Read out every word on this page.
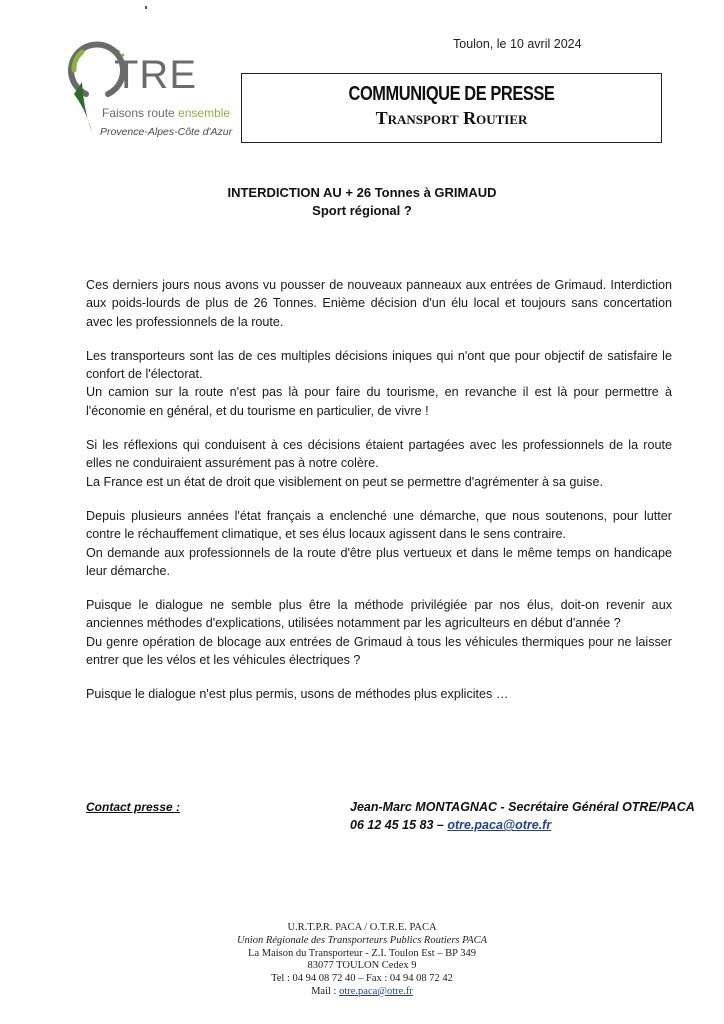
TRE
Faisons route ensemble
Provence-Alpes-Côte d'Azur
Toulon, le 10 avril 2024
COMMUNIQUE DE PRESSE
Transport Routier
INTERDICTION AU + 26 Tonnes à GRIMAUD
Sport régional ?

Ces derniers jours nous avons vu pousser de nouveaux panneaux aux entrées de Grimaud. Interdiction aux poids-lourds de plus de 26 Tonnes. Enième décision d'un élu local et toujours sans concertation avec les professionnels de la route.

Les transporteurs sont las de ces multiples décisions iniques qui n'ont que pour objectif de satisfaire le confort de l'électorat.
Un camion sur la route n'est pas là pour faire du tourisme, en revanche il est là pour permettre à l'économie en général, et du tourisme en particulier, de vivre !

Si les réflexions qui conduisent à ces décisions étaient partagées avec les professionnels de la route elles ne conduiraient assurément pas à notre colère.
La France est un état de droit que visiblement on peut se permettre d'agrémenter à sa guise.

Depuis plusieurs années l'état français a enclenché une démarche, que nous soutenons, pour lutter contre le réchauffement climatique, et ses élus locaux agissent dans le sens contraire.
On demande aux professionnels de la route d'être plus vertueux et dans le même temps on handicape leur démarche.

Puisque le dialogue ne semble plus être la méthode privilégiée par nos élus, doit-on revenir aux anciennes méthodes d'explications, utilisées notamment par les agriculteurs en début d'année ?
Du genre opération de blocage aux entrées de Grimaud à tous les véhicules thermiques pour ne laisser entrer que les vélos et les véhicules électriques ?

Puisque le dialogue n'est plus permis, usons de méthodes plus explicites …

Contact presse :	Jean-Marc MONTAGNAC - Secrétaire Général OTRE/PACA
06 12 45 15 83 – otre.paca@otre.fr
U.R.T.P.R. PACA / O.T.R.E. PACA
Union Régionale des Transporteurs Publics Routiers PACA
La Maison du Transporteur - Z.I. Toulon Est – BP 349
83077 TOULON Cedex 9
Tel : 04 94 08 72 40 – Fax : 04 94 08 72 42
Mail : otre.paca@otre.fr
